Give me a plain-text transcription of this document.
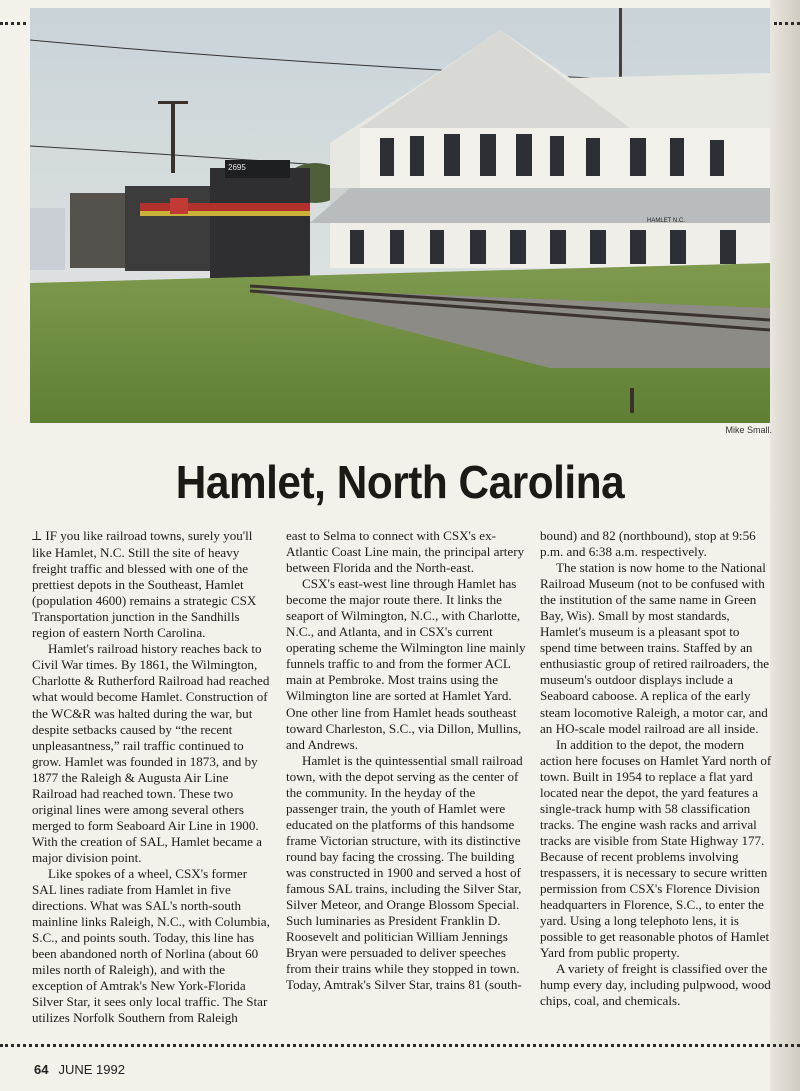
HAMLET N.C.
2695
Mike Small.
Hamlet, North Carolina

⟂ IF you like railroad towns, surely you'll like Hamlet, N.C. Still the site of heavy freight traffic and blessed with one of the prettiest depots in the Southeast, Hamlet (population 4600) remains a strategic CSX Transportation junction in the Sandhills region of eastern North Carolina.

Hamlet's railroad history reaches back to Civil War times. By 1861, the Wilmington, Charlotte & Rutherford Railroad had reached what would become Hamlet. Construction of the WC&R was halted during the war, but despite setbacks caused by “the recent unpleasantness,” rail traffic continued to grow. Hamlet was founded in 1873, and by 1877 the Raleigh & Augusta Air Line Railroad had reached town. These two original lines were among several others merged to form Seaboard Air Line in 1900. With the creation of SAL, Hamlet became a major division point.

Like spokes of a wheel, CSX's former SAL lines radiate from Hamlet in five directions. What was SAL's north-south mainline links Raleigh, N.C., with Columbia, S.C., and points south. Today, this line has been abandoned north of Norlina (about 60 miles north of Raleigh), and with the exception of Amtrak's New York-Florida Silver Star, it sees only local traffic. The Star utilizes Norfolk Southern from Raleigh

east to Selma to connect with CSX's ex-Atlantic Coast Line main, the principal artery between Florida and the North-east.

CSX's east-west line through Hamlet has become the major route there. It links the seaport of Wilmington, N.C., with Charlotte, N.C., and Atlanta, and in CSX's current operating scheme the Wilmington line mainly funnels traffic to and from the former ACL main at Pembroke. Most trains using the Wilmington line are sorted at Hamlet Yard. One other line from Hamlet heads southeast toward Charleston, S.C., via Dillon, Mullins, and Andrews.

Hamlet is the quintessential small railroad town, with the depot serving as the center of the community. In the heyday of the passenger train, the youth of Hamlet were educated on the platforms of this handsome frame Victorian structure, with its distinctive round bay facing the crossing. The building was constructed in 1900 and served a host of famous SAL trains, including the Silver Star, Silver Meteor, and Orange Blossom Special. Such luminaries as President Franklin D. Roosevelt and politician William Jennings Bryan were persuaded to deliver speeches from their trains while they stopped in town. Today, Amtrak's Silver Star, trains 81 (south-

bound) and 82 (northbound), stop at 9:56 p.m. and 6:38 a.m. respectively.

The station is now home to the National Railroad Museum (not to be confused with the institution of the same name in Green Bay, Wis). Small by most standards, Hamlet's museum is a pleasant spot to spend time between trains. Staffed by an enthusiastic group of retired railroaders, the museum's outdoor displays include a Seaboard caboose. A replica of the early steam locomotive Raleigh, a motor car, and an HO-scale model railroad are all inside.

In addition to the depot, the modern action here focuses on Hamlet Yard north of town. Built in 1954 to replace a flat yard located near the depot, the yard features a single-track hump with 58 classification tracks. The engine wash racks and arrival tracks are visible from State Highway 177. Because of recent problems involving trespassers, it is necessary to secure written permission from CSX's Florence Division headquarters in Florence, S.C., to enter the yard. Using a long telephoto lens, it is possible to get reasonable photos of Hamlet Yard from public property.

A variety of freight is classified over the hump every day, including pulpwood, wood chips, coal, and chemicals.

64 JUNE 1992
